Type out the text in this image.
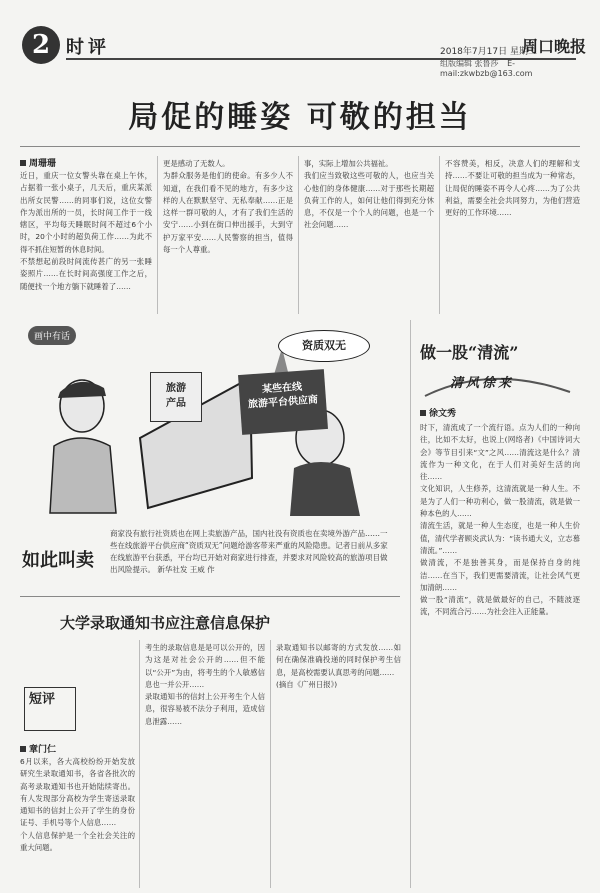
2 时评	2018年7月17日 星期二
周口晚报
组版编辑 张鲁莎 E-mail:zkwbzb@163.com
局促的睡姿 可敬的担当
周珊珊
近日，重庆一位女警头靠在桌上午休，占据着一张小桌子，几天后，重庆某派出所女民警……的同事们说，这位女警作为派出所的一员，长时间工作于一线辖区，平均每天睡眠时间不超过6个小时，20个小时的超负荷工作……为此不得不抓住短暂的休息时间。
不禁想起前段时间流传甚广的另一张睡姿照片……在长时间高强度工作之后，随便找一个地方躺下就睡着了……
更是感动了无数人。
为群众服务是他们的使命。有多少人不知道，在我们看不见的地方，有多少这样的人在默默坚守、无私奉献……正是这样一群可敬的人，才有了我们生活的安宁……小到在街口伸出援手，大到守护万家平安……人民警察的担当，值得每一个人尊重。
事，实际上增加公共福祉。
我们应当致敬这些可敬的人，也应当关心他们的身体健康……对于那些长期超负荷工作的人，如何让他们得到充分休息，不仅是一个个人的问题，也是一个社会问题……
不容赞美，相反，决意人们的理解和支持……不要让可敬的担当成为一种常态，让局促的睡姿不再令人心疼……为了公共利益，需要全社会共同努力，为他们营造更好的工作环境……
画中有话
资质双无
旅游
产品
某些在线
旅游平台供应商
商家没有旅行社资质也在网上卖旅游产品，国内社没有资质也在卖境外游产品……一些在线旅游平台供应商“资质双无”问题给游客带来严重的风险隐患。记者日前从多家在线旅游平台获悉，平台均已开始对商家进行排查，并要求对风险较高的旅游项目做出风险提示。 新华社发 王威 作
如此叫卖
做一股“清流”
清风徐来
徐文秀
时下，清流成了一个流行语。点为人们的一种向往，比如不太好，也说上(网络者)《中国诗词大会》等节目引来“文”之风……清流这是什么？清流作为一种文化，在于人们对美好生活的向往……
文化知识，人生修养，这清流就是一种人生。不是为了人们一种功利心，做一股清流，就是做一种本色的人……
清流生活，就是一种人生态度，也是一种人生价值，清代学者顾炎武认为：“读书通大义，立志慕清流。”……
做清流，不是独善其身，而是保持自身的纯洁……在当下，我们更需要清流，让社会风气更加清朗……
做一股“清流”，就是做最好的自己，不随波逐流，不同流合污……为社会注入正能量。
大学录取通知书应注意信息保护
短评
章门仁
6月以来，各大高校纷纷开始发放研究生录取通知书，各省各批次的高考录取通知书也开始陆续寄出。有人发现部分高校为学生寄送录取通知书的信封上公开了学生的身份证号、手机号等个人信息……
个人信息保护是一个全社会关注的重大问题。
考生的录取信息是是可以公开的，因为这是对社会公开的……但不能以“公开”为由，将考生的个人敏感信息也一并公开……
录取通知书的信封上公开考生个人信息，很容易被不法分子利用，造成信息泄露……
录取通知书以邮寄的方式发放……如何在确保准确投递的同时保护考生信息，是高校需要认真思考的问题……
(摘自《广州日报》)
